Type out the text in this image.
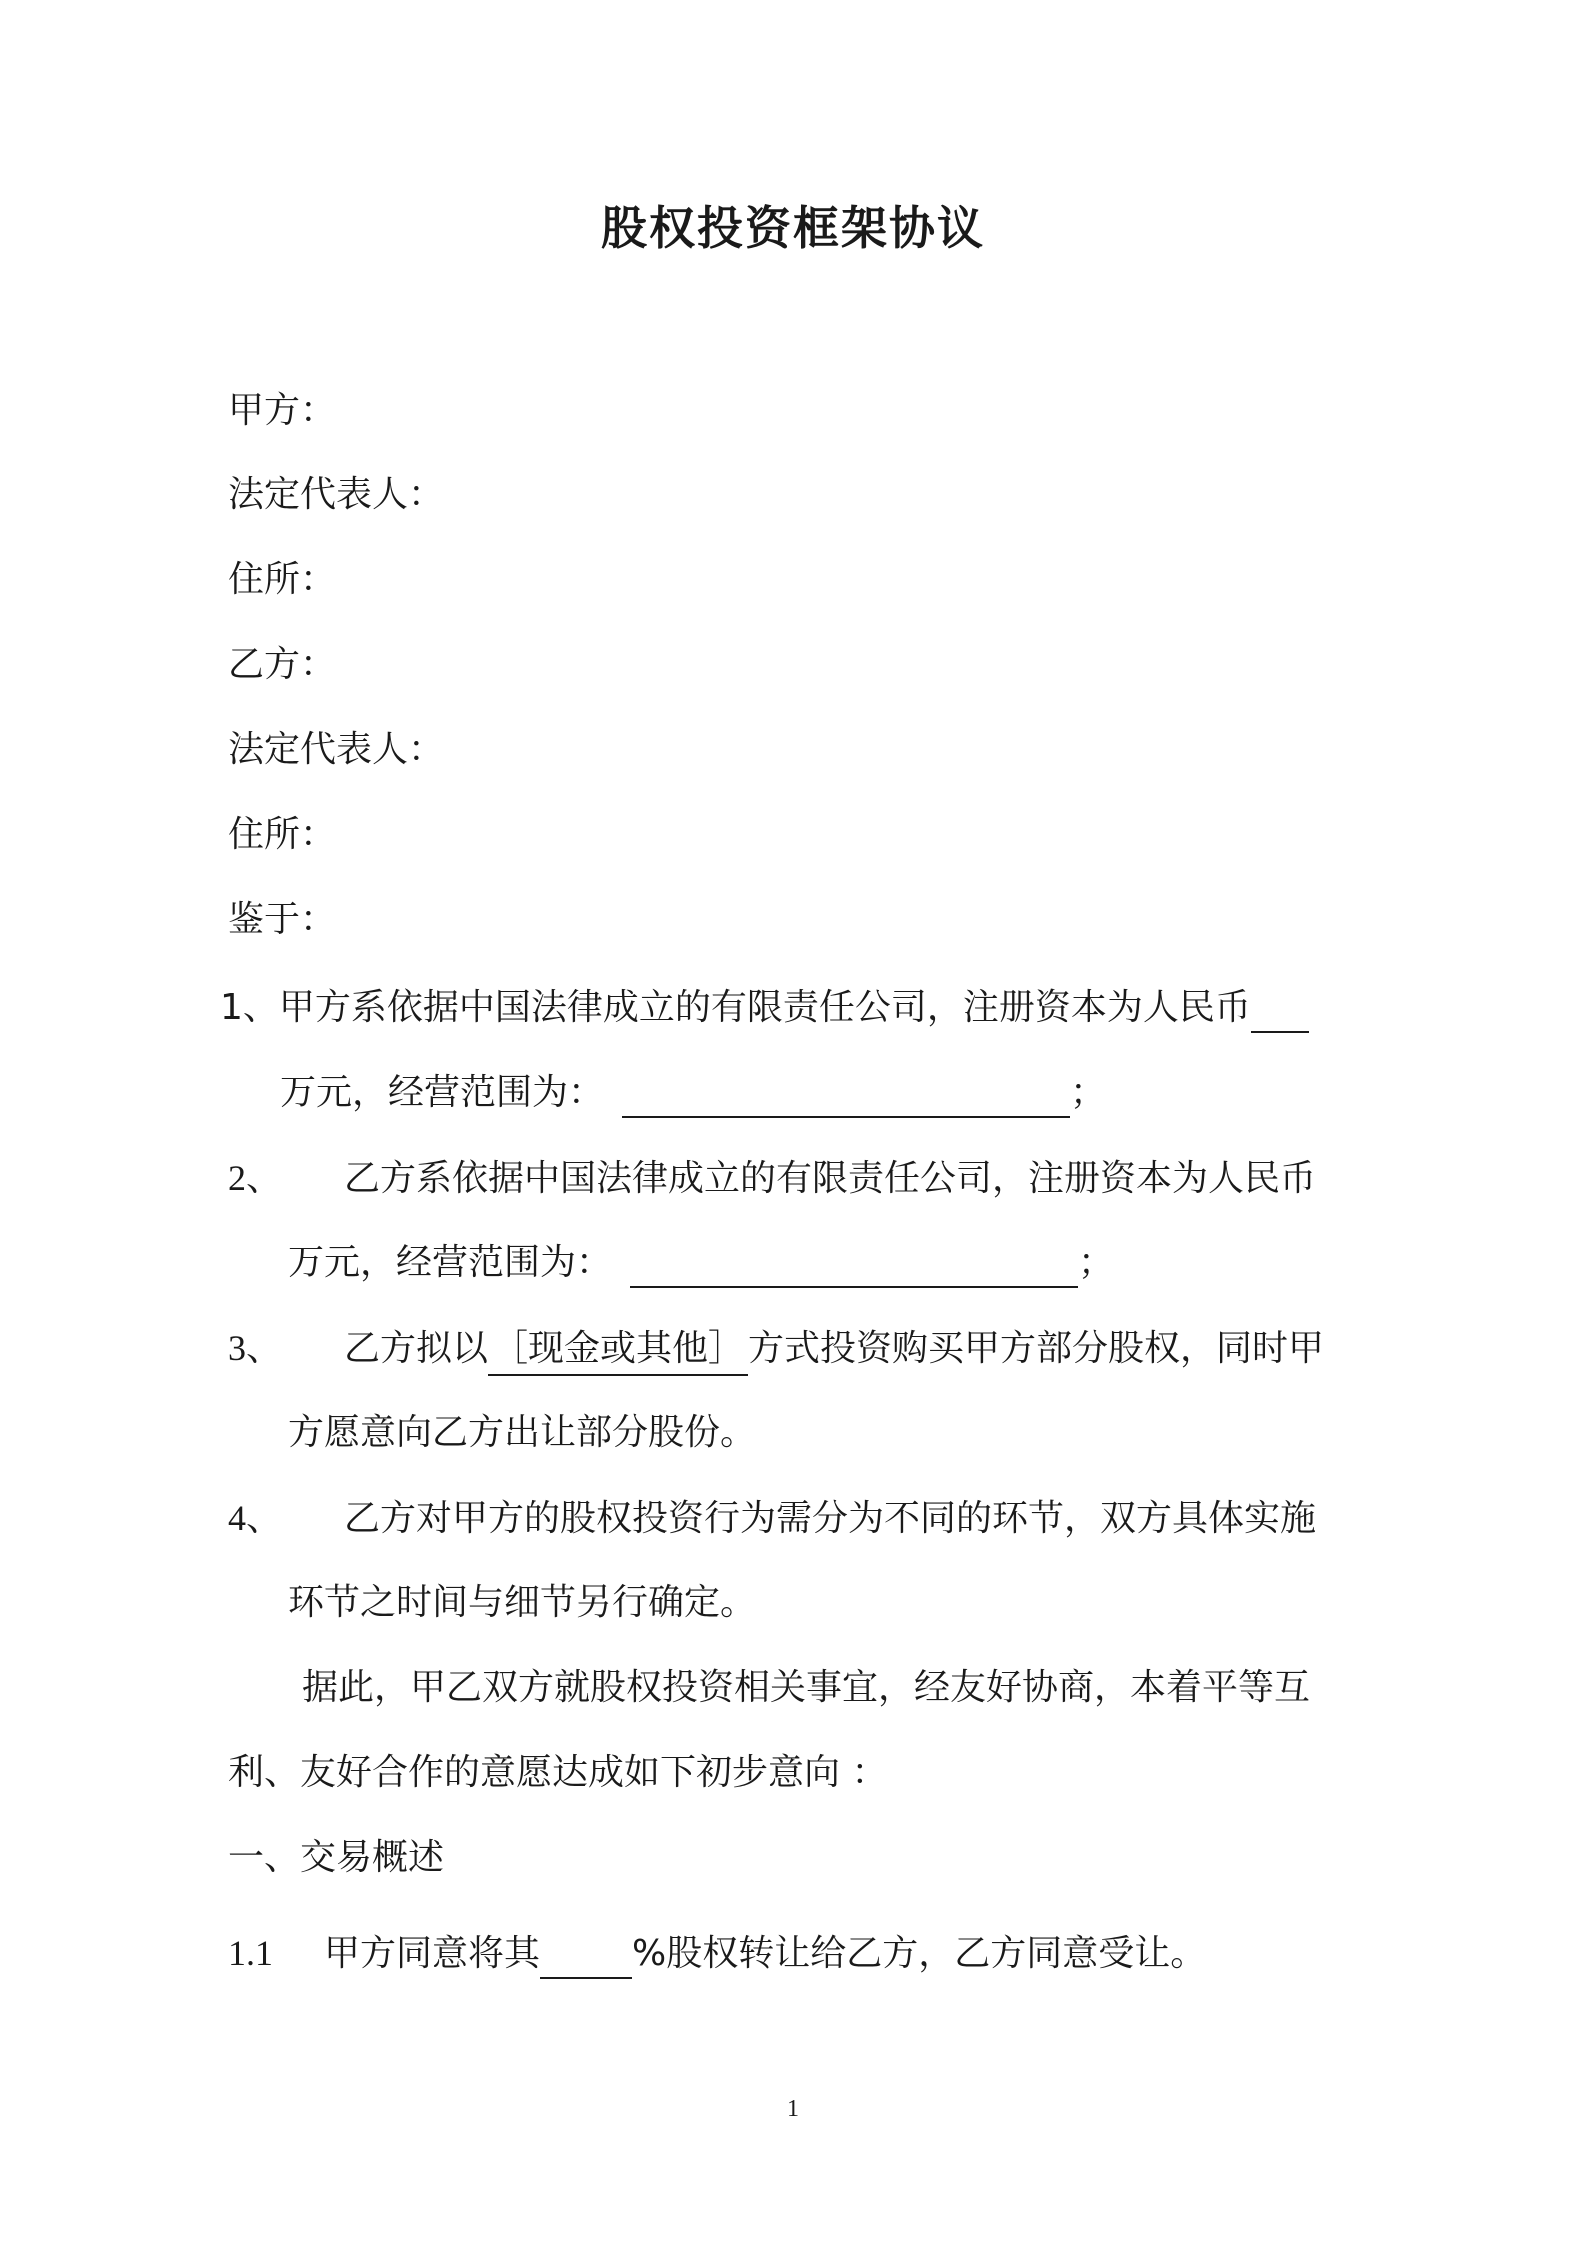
股权投资框架协议
甲方：
法定代表人：
住所：
乙方：
法定代表人：
住所：
鉴于：
1、甲方系依据中国法律成立的有限责任公司，注册资本为人民币
万元，经营范围为：	；
2、 乙方系依据中国法律成立的有限责任公司，注册资本为人民币
万元，经营范围为：	；
3、 乙方拟以 ［现金或其他］ 方式投资购买甲方部分股权，同时甲
方愿意向乙方出让部分股份。
4、 乙方对甲方的股权投资行为需分为不同的环节，双方具体实施
环节之时间与细节另行确定。
据此，甲乙双方就股权投资相关事宜，经友好协商，本着平等互
利、友好合作的意愿达成如下初步意向 ：
一、交易概述
1.1 甲方同意将其	%股权转让给乙方，乙方同意受让。
1
